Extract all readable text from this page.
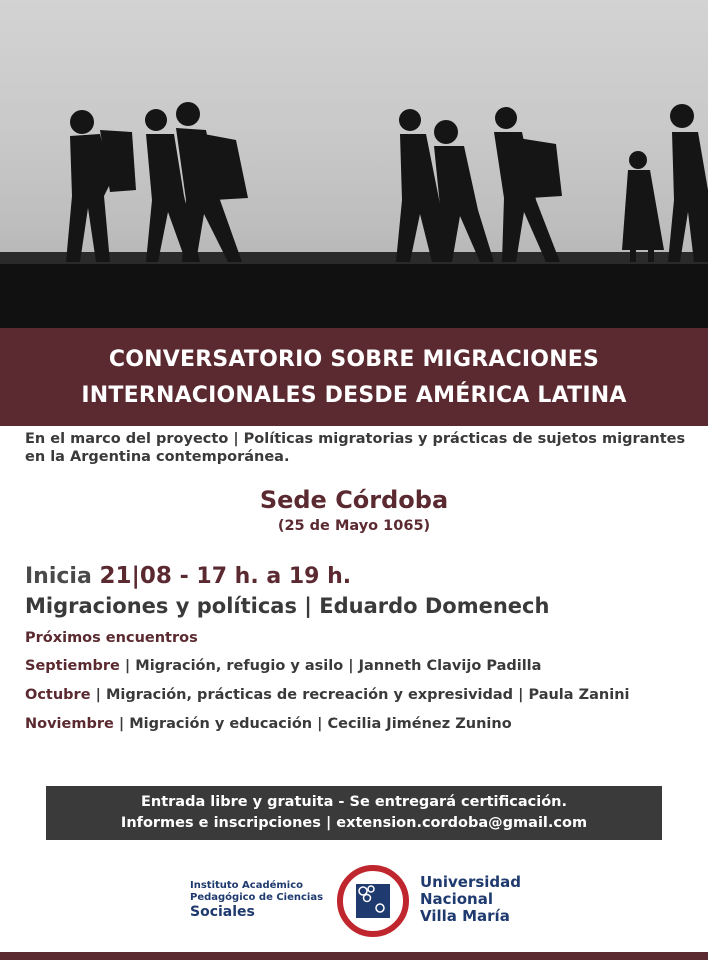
CONVERSATORIO SOBRE MIGRACIONES
INTERNACIONALES DESDE AMÉRICA LATINA
En el marco del proyecto | Políticas migratorias y prácticas de sujetos migrantes
en la Argentina contemporánea.
Sede Córdoba
(25 de Mayo 1065)
Inicia 21|08 - 17 h. a 19 h.
Migraciones y políticas | Eduardo Domenech
Próximos encuentros
Septiembre | Migración, refugio y asilo | Janneth Clavijo Padilla
Octubre | Migración, prácticas de recreación y expresividad | Paula Zanini
Noviembre | Migración y educación | Cecilia Jiménez Zunino
Entrada libre y gratuita - Se entregará certificación.
Informes e inscripciones | extension.cordoba@gmail.com
Instituto Académico
Pedagógico de Ciencias
Sociales
Universidad
Nacional
Villa María
